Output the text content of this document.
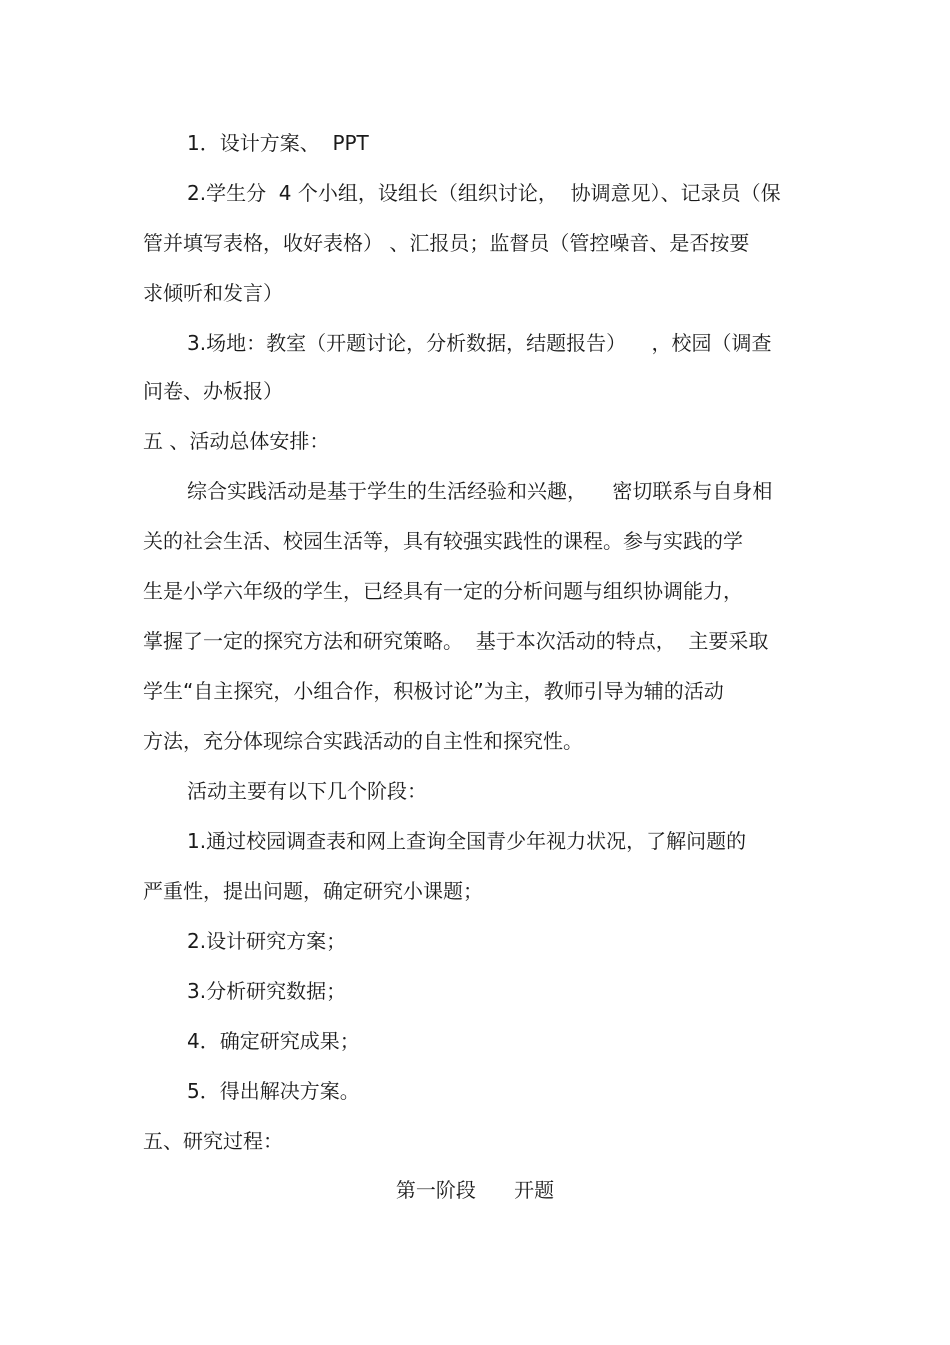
1．设计方案、  PPT
2.学生分  4 个小组，设组长（组织讨论，  协调意见）、记录员（保
管并填写表格，收好表格） 、汇报员；监督员（管控噪音、是否按要
求倾听和发言）
3.场地：教室（开题讨论，分析数据，结题报告）    ，校园（调查
问卷、办板报）
五 、活动总体安排：
综合实践活动是基于学生的生活经验和兴趣，    密切联系与自身相
关的社会生活、校园生活等，具有较强实践性的课程。参与实践的学
生是小学六年级的学生，已经具有一定的分析问题与组织协调能力，
掌握了一定的探究方法和研究策略。  基于本次活动的特点，  主要采取
学生“自主探究，小组合作，积极讨论”为主，教师引导为辅的活动
方法，充分体现综合实践活动的自主性和探究性。
活动主要有以下几个阶段：
1.通过校园调查表和网上查询全国青少年视力状况，了解问题的
严重性，提出问题，确定研究小课题；
2.设计研究方案；
3.分析研究数据；
4．确定研究成果；
5．得出解决方案。
五、研究过程：
第一阶段      开题
